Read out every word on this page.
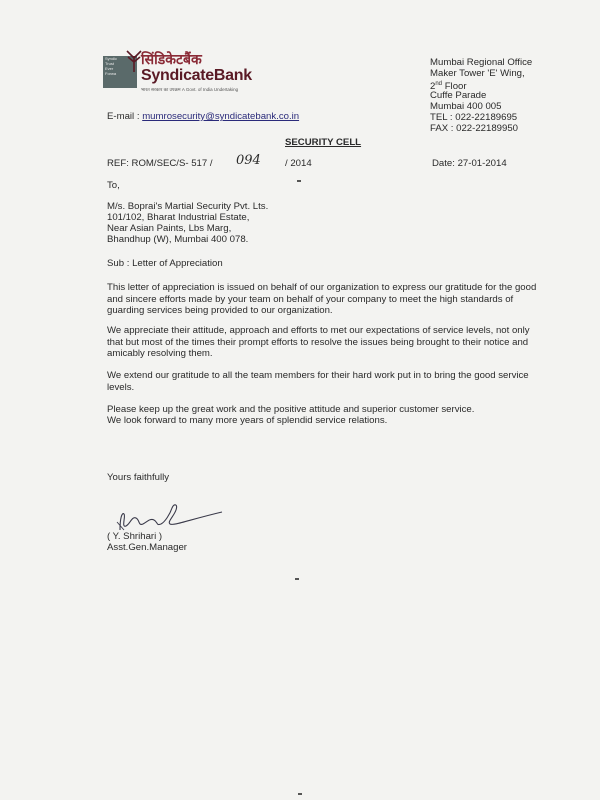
Syndic
Trust
Ever
Forwa
सिंडिकेटबैंक
SyndicateBank
भारत सरकार का उपक्रम A Govt. of India Undertaking
E-mail : mumrosecurity@syndicatebank.co.in
Mumbai Regional Office
Maker Tower 'E' Wing,
2nd Floor
Cuffe Parade
Mumbai 400 005
TEL : 022-22189695
FAX : 022-22189950
SECURITY CELL
REF: ROM/SEC/S- 517 / 094	/ 2014	Date: 27-01-2014
To,
M/s. Boprai's Martial Security Pvt. Lts.
101/102, Bharat Industrial Estate,
Near Asian Paints, Lbs Marg,
Bhandhup (W), Mumbai 400 078.
Sub : Letter of Appreciation
This letter of appreciation is issued on behalf of our organization to express our gratitude for the good and sincere efforts made by your team on behalf of your company to meet the high standards of guarding services being provided to our organization.
We appreciate their attitude, approach and efforts to met our expectations of service levels, not only that but most of the times their prompt efforts to resolve the issues being brought to their notice and amicably resolving them.
We extend our gratitude to all the team members for their hard work put in to bring the good service levels.
Please keep up the great work and the positive attitude and superior customer service.
We look forward to many more years of splendid service relations.
Yours faithfully
( Y. Shrihari )
Asst.Gen.Manager
